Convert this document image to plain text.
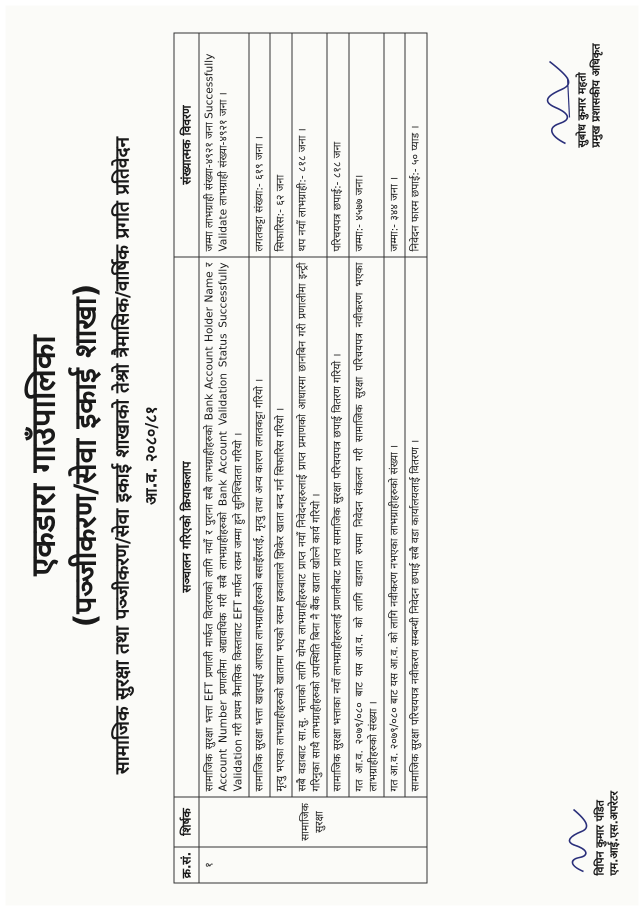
एकडारा गाउँपालिका (पञ्जीकरण/सेवा इकाई शाखा) सामाजिक सुरक्षा तथा पञ्जीकरण/सेवा इकाई शाखाको तेश्रो त्रैमासिक/वार्षिक प्रगति प्रतिवेदन आ.व. २०८०/८१
क्र.सं.	शिर्षक	सञ्चालन गरिएको क्रियाकलाप	संख्यात्मक विवरण
१	सामाजिक सुरक्षा	सामाजिक सुरक्षा भत्ता EFT प्रणाली मार्फत वितरणको लागि नयाँ र पुराना सबै लाभग्राहीहरुको Bank Account Holder Name र Account Number प्रणालीमा अद्यावधिक गरी सबै लाभग्राहीहरुको Bank Account Validation Status Successfully Validation गरी प्रथम त्रैमासिक किस्तावाट EFT मार्फत रकम जम्मा हुने सुनिश्चितता गरियो ।	जम्मा लाभग्राही संख्या-४९२१ जना Successfully Validate लाभग्राही संख्या-४९२१ जना ।
		सामाजिक सुरक्षा भत्ता खाइपाई आएका लाभग्राहीहरुको बसाइँसराई, मृत्यु तथा अन्य कारण लगतकट्टा गरियो ।	लगतकट्टा संख्या:- ६१९ जना ।
		मृत्यु भएका लाभग्राहीहरुको खातामा भएको रकम हकवालाले झिकेर खाता बन्द गर्न सिफारिस गरियो ।	सिफारिस:- ६२ जना
		सबै वडाबाट सा.सु. भत्ताको लागि योग्य लाभग्राहीहरुबाट प्राप्त नयाँ निवेदनहरुलाई प्राप्त प्रमाणको आधारमा छानबिन गरी प्रणालीमा इन्ट्री गरिनुका साथै लाभग्राहीहरुको उपस्थिति बिना नै बैंक खाता खोल्ने कार्य गरियो ।	थप नयाँ लाभग्राही:- ८१८ जना ।
		सामाजिक सुरक्षा भत्ताका नयाँ लाभग्राहीहरुलाई प्रणालीबाट प्राप्त सामाजिक सुरक्षा परिचयपत्र छपाई वितरण गरियो ।	परिचयपत्र छपाई:- ८१८ जना
		गत आ.व. २०७९/०८० बाट यस आ.व. को लागि वडागत रुपमा निवेदन संकलन गरी सामाजिक सुरक्षा परिचयपत्र नवीकरण भएका लाभग्राहीहरुको संख्या ।	जम्मा:- ४५७७ जना।
		गत आ.व. २०७९/०८० बाट यस आ.व. को लागि नवीकरण नभएका लाभग्राहीहरुको संख्या ।	जम्मा:- ३४४ जना ।
		सामाजिक सुरक्षा परिचयपत्र नवीकरण सम्बन्धी निवेदन छपाई सबै वडा कार्यालयलाई वितरण ।	निवेदन फारम छपाई:- ५० प्याड ।
विपिन कुमार पंडित एम.आई.एस.अपरेटर
सुबोध कुमार महतो प्रमुख प्रशासकीय अधिकृत
